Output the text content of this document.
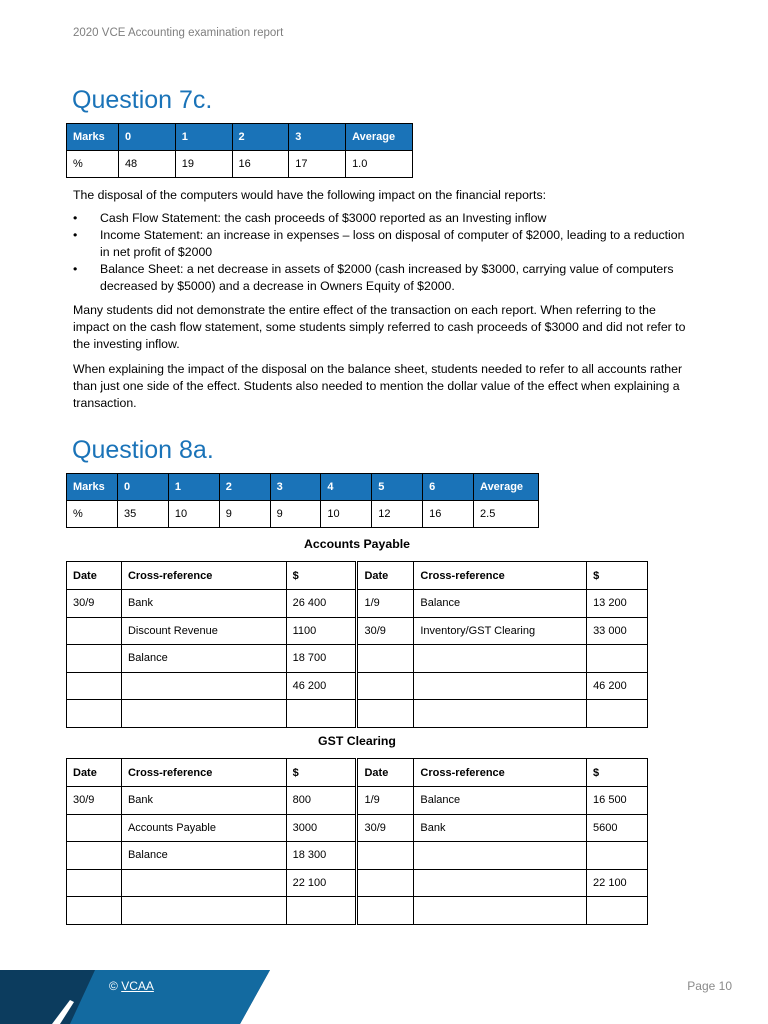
2020 VCE Accounting examination report
Question 7c.
Marks	0	1	2	3	Average
%	48	19	16	17	1.0

The disposal of the computers would have the following impact on the financial reports:

• Cash Flow Statement: the cash proceeds of $3000 reported as an Investing inflow
• Income Statement: an increase in expenses – loss on disposal of computer of $2000, leading to a reduction in net profit of $2000
• Balance Sheet: a net decrease in assets of $2000 (cash increased by $3000, carrying value of computers decreased by $5000) and a decrease in Owners Equity of $2000.

Many students did not demonstrate the entire effect of the transaction on each report. When referring to the impact on the cash flow statement, some students simply referred to cash proceeds of $3000 and did not refer to the investing inflow.

When explaining the impact of the disposal on the balance sheet, students needed to refer to all accounts rather than just one side of the effect. Students also needed to mention the dollar value of the effect when explaining a transaction.

Question 8a.
Marks	0	1	2	3	4	5	6	Average
%	35	10	9	9	10	12	16	2.5
Accounts Payable
Date	Cross-reference	$	Date	Cross-reference	$
30/9	Bank	26 400	1/9	Balance	13 200
	Discount Revenue	1100	30/9	Inventory/GST Clearing	33 000
	Balance	18 700			
		46 200			46 200

GST Clearing
Date	Cross-reference	$	Date	Cross-reference	$
30/9	Bank	800	1/9	Balance	16 500
	Accounts Payable	3000	30/9	Bank	5600
	Balance	18 300			
		22 100			22 100

© VCAA	Page 10
